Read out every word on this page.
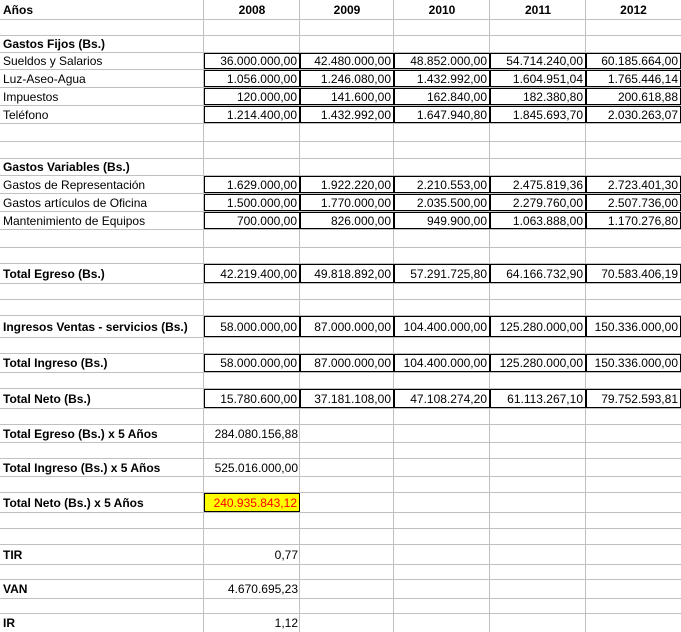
Años	2008	2009	2010	2011	2012
Gastos Fijos (Bs.)
Sueldos y Salarios	36.000.000,00	42.480.000,00	48.852.000,00	54.714.240,00	60.185.664,00
Luz-Aseo-Agua	1.056.000,00	1.246.080,00	1.432.992,00	1.604.951,04	1.765.446,14
Impuestos	120.000,00	141.600,00	162.840,00	182.380,80	200.618,88
Teléfono	1.214.400,00	1.432.992,00	1.647.940,80	1.845.693,70	2.030.263,07
Gastos Variables (Bs.)
Gastos de Representación	1.629.000,00	1.922.220,00	2.210.553,00	2.475.819,36	2.723.401,30
Gastos artículos de Oficina	1.500.000,00	1.770.000,00	2.035.500,00	2.279.760,00	2.507.736,00
Mantenimiento de Equipos	700.000,00	826.000,00	949.900,00	1.063.888,00	1.170.276,80
Total Egreso (Bs.)	42.219.400,00	49.818.892,00	57.291.725,80	64.166.732,90	70.583.406,19
Ingresos Ventas - servicios (Bs.)	58.000.000,00	87.000.000,00	104.400.000,00	125.280.000,00 150.336.000,00
Total Ingreso (Bs.)	58.000.000,00	87.000.000,00	104.400.000,00	125.280.000,00 150.336.000,00
Total Neto (Bs.)	15.780.600,00	37.181.108,00	47.108.274,20	61.113.267,10	79.752.593,81
Total Egreso (Bs.) x 5 Años	284.080.156,88
Total Ingreso (Bs.) x 5 Años	525.016.000,00
Total Neto (Bs.) x 5 Años	240.935.843,12
TIR	0,77
VAN	4.670.695,23
IR	1,12
